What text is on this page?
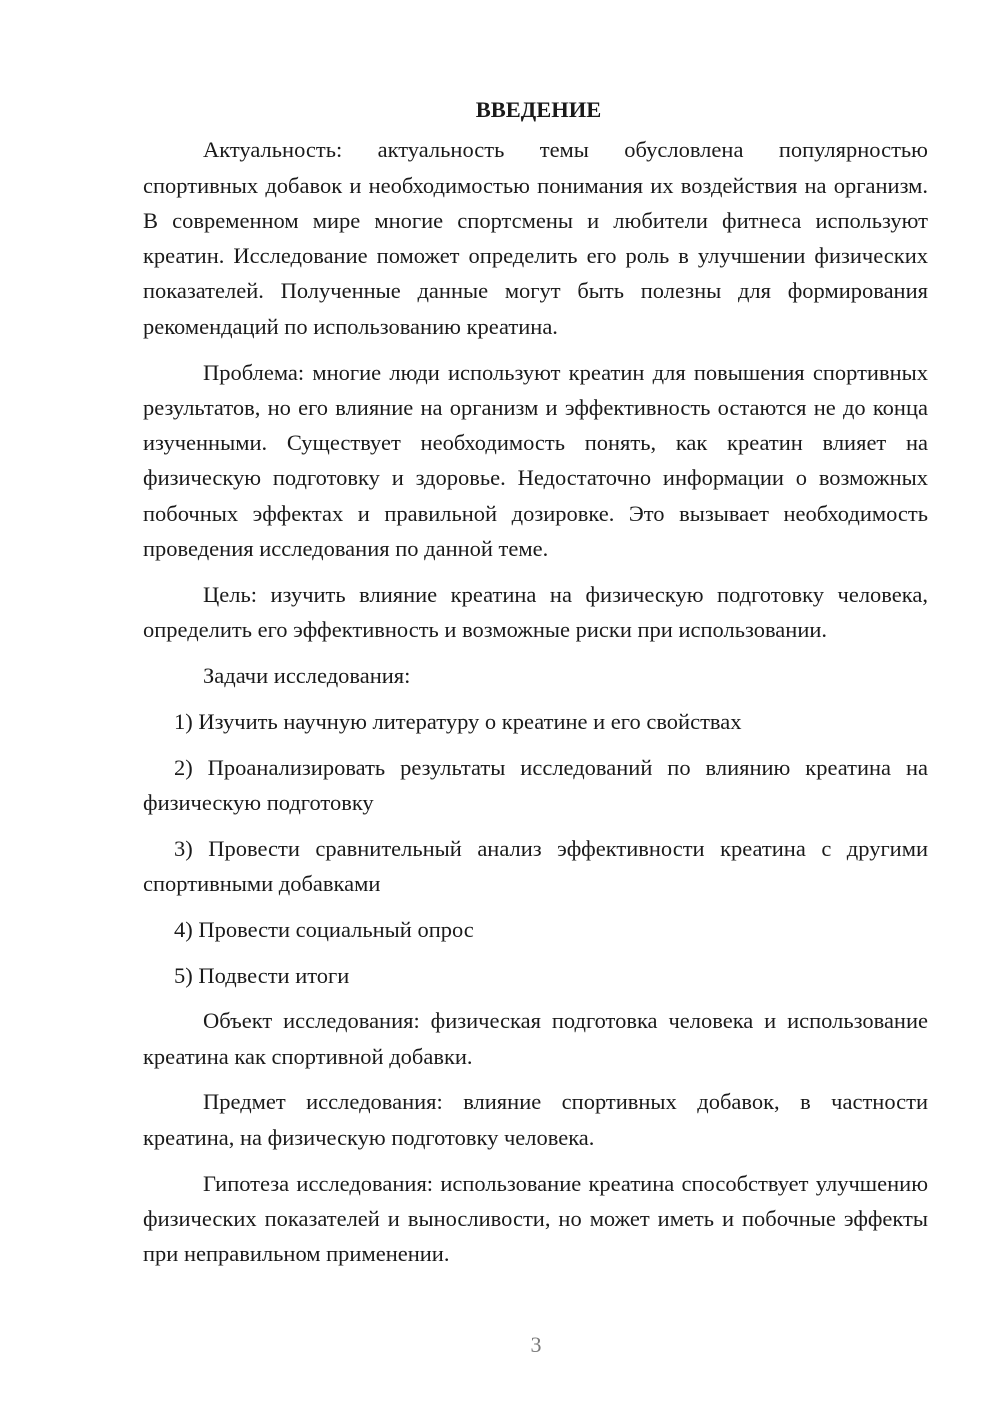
ВВЕДЕНИЕ

Актуальность: актуальность темы обусловлена популярностью спортивных добавок и необходимостью понимания их воздействия на организм. В современном мире многие спортсмены и любители фитнеса используют креатин. Исследование поможет определить его роль в улучшении физических показателей. Полученные данные могут быть полезны для формирования рекомендаций по использованию креатина.

Проблема: многие люди используют креатин для повышения спортивных результатов, но его влияние на организм и эффективность остаются не до конца изученными. Существует необходимость понять, как креатин влияет на физическую подготовку и здоровье. Недостаточно информации о возможных побочных эффектах и правильной дозировке. Это вызывает необходимость проведения исследования по данной теме.

Цель: изучить влияние креатина на физическую подготовку человека, определить его эффективность и возможные риски при использовании.

Задачи исследования:

1) Изучить научную литературу о креатине и его свойствах

2) Проанализировать результаты исследований по влиянию креатина на физическую подготовку

3) Провести сравнительный анализ эффективности креатина с другими спортивными добавками

4) Провести социальный опрос

5) Подвести итоги

Объект исследования: физическая подготовка человека и использование креатина как спортивной добавки.

Предмет исследования: влияние спортивных добавок, в частности креатина, на физическую подготовку человека.

Гипотеза исследования: использование креатина способствует улучшению физических показателей и выносливости, но может иметь и побочные эффекты при неправильном применении.

3
